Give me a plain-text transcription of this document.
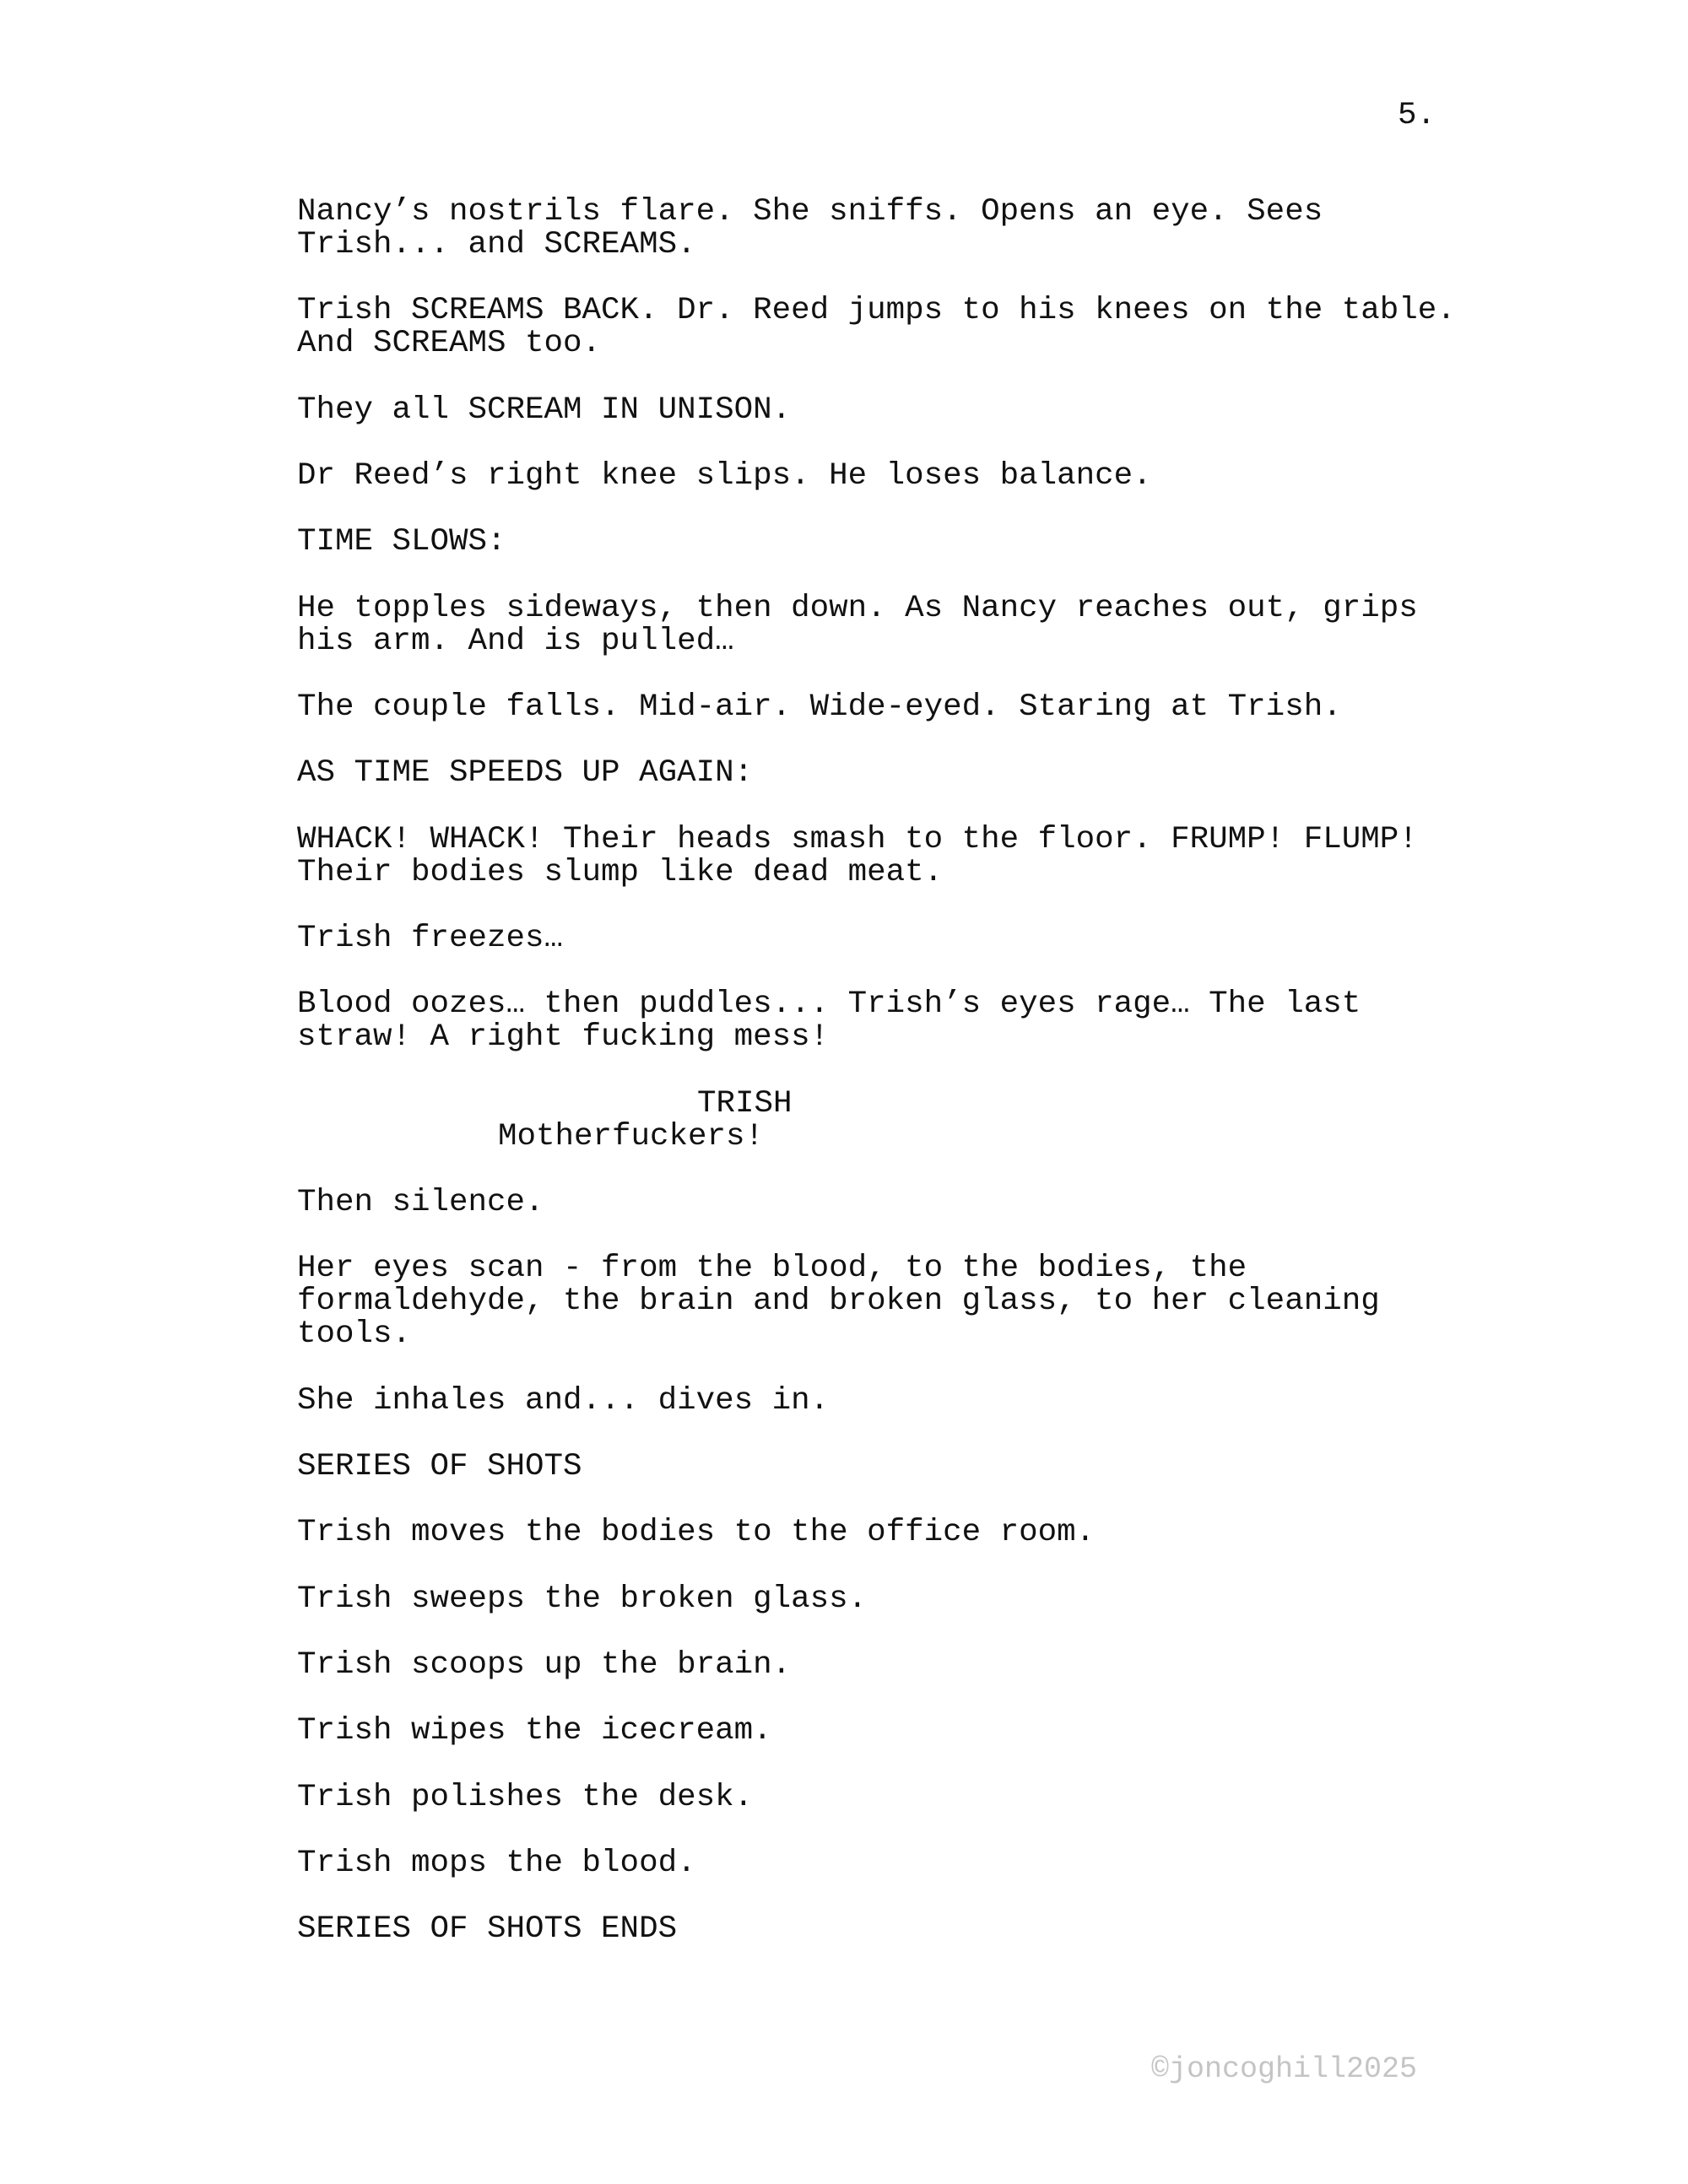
5.

Nancy’s nostrils flare. She sniffs. Opens an eye. Sees

Trish... and SCREAMS.

Trish SCREAMS BACK. Dr. Reed jumps to his knees on the table.

And SCREAMS too.

They all SCREAM IN UNISON.

Dr Reed’s right knee slips. He loses balance.

TIME SLOWS:

He topples sideways, then down. As Nancy reaches out, grips

his arm. And is pulled…

The couple falls. Mid-air. Wide-eyed. Staring at Trish.

AS TIME SPEEDS UP AGAIN:

WHACK! WHACK! Their heads smash to the floor. FRUMP! FLUMP!

Their bodies slump like dead meat.

Trish freezes…

Blood oozes… then puddles... Trish’s eyes rage… The last

straw! A right fucking mess!

TRISH

Motherfuckers!

Then silence.

Her eyes scan - from the blood, to the bodies, the

formaldehyde, the brain and broken glass, to her cleaning

tools.

She inhales and... dives in.

SERIES OF SHOTS

Trish moves the bodies to the office room.

Trish sweeps the broken glass.

Trish scoops up the brain.

Trish wipes the icecream.

Trish polishes the desk.

Trish mops the blood.

SERIES OF SHOTS ENDS

©joncoghill2025
